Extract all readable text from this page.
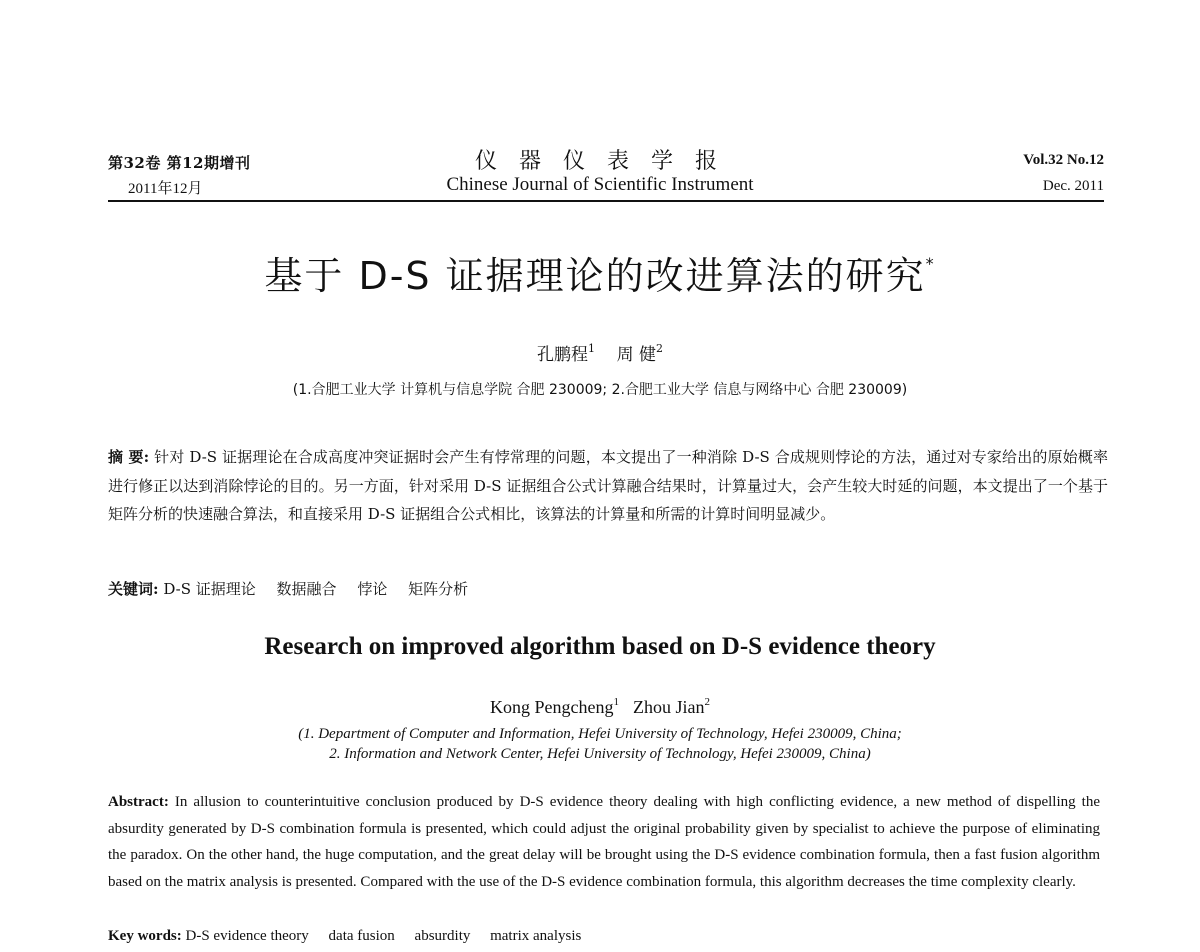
第32卷 第12期增刊
2011年12月
仪器仪表学报
Chinese Journal of Scientific Instrument
Vol.32 No.12
Dec. 2011
基于 D-S 证据理论的改进算法的研究*
孔鹏程$^1$ 周 健$^2$
(1.合肥工业大学 计算机与信息学院 合肥 230009; 2.合肥工业大学 信息与网络中心 合肥 230009)
摘 要: 针对 D-S 证据理论在合成高度冲突证据时会产生有悖常理的问题，本文提出了一种消除 D-S 合成规则悖论的方法，通过对专家给出的原始概率进行修正以达到消除悖论的目的。另一方面，针对采用 D-S 证据组合公式计算融合结果时，计算量过大，会产生较大时延的问题，本文提出了一个基于矩阵分析的快速融合算法，和直接采用 D-S 证据组合公式相比，该算法的计算量和所需的计算时间明显减少。
关键词: D-S 证据理论 数据融合 悖论 矩阵分析
Research on improved algorithm based on D-S evidence theory
Kong Pengcheng$^1$ Zhou Jian$^2$
(1. Department of Computer and Information, Hefei University of Technology, Hefei 230009, China;
2. Information and Network Center, Hefei University of Technology, Hefei 230009, China)
Abstract: In allusion to counterintuitive conclusion produced by D-S evidence theory dealing with high conflicting evidence, a new method of dispelling the absurdity generated by D-S combination formula is presented, which could adjust the original probability given by specialist to achieve the purpose of eliminating the paradox. On the other hand, the huge computation, and the great delay will be brought using the D-S evidence combination formula, then a fast fusion algorithm based on the matrix analysis is presented. Compared with the use of the D-S evidence combination formula, this algorithm decreases the time complexity clearly.
Key words: D-S evidence theory data fusion absurdity matrix analysis
